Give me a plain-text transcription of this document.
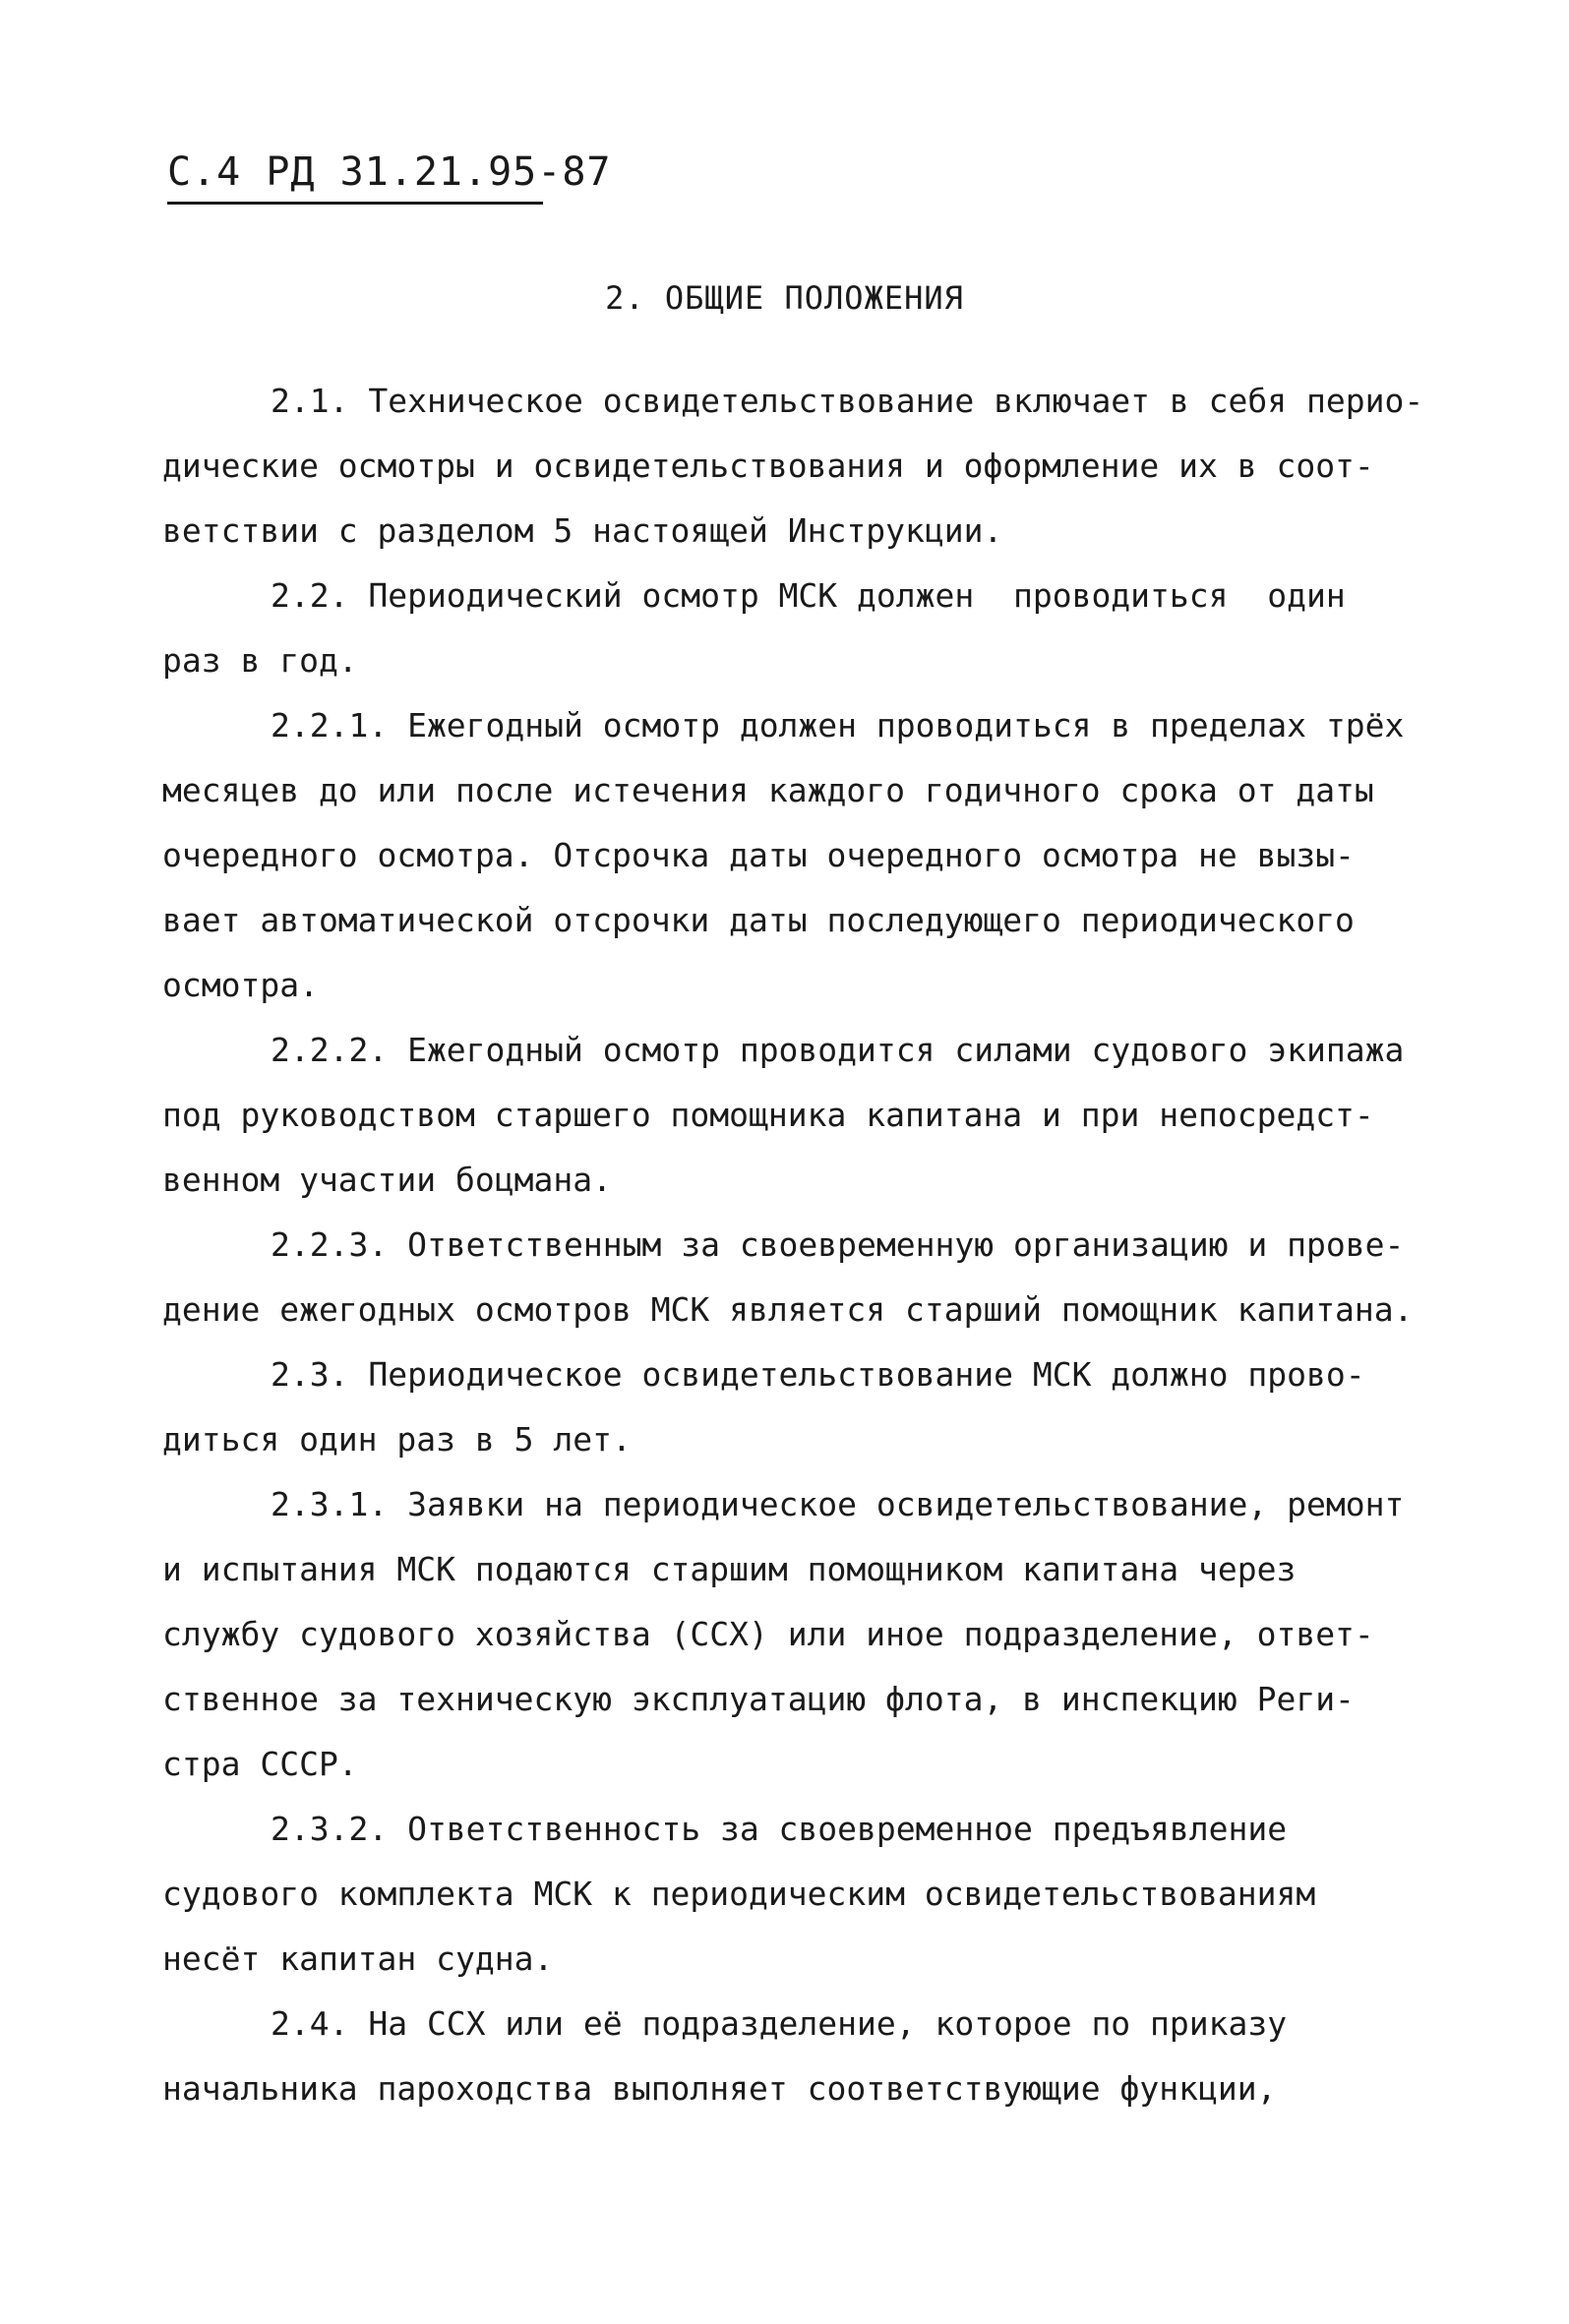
С.4 РД 31.21.95-87
2. ОБЩИЕ ПОЛОЖЕНИЯ
2.1. Техническое освидетельствование включает в себя перио-
дические осмотры и освидетельствования и оформление их в соот-
ветствии с разделом 5 настоящей Инструкции.
2.2. Периодический осмотр МСК должен  проводиться  один
раз в год.
2.2.1. Ежегодный осмотр должен проводиться в пределах трёх
месяцев до или после истечения каждого годичного срока от даты
очередного осмотра. Отсрочка даты очередного осмотра не вызы-
вает автоматической отсрочки даты последующего периодического
осмотра.
2.2.2. Ежегодный осмотр проводится силами судового экипажа
под руководством старшего помощника капитана и при непосредст-
венном участии боцмана.
2.2.3. Ответственным за своевременную организацию и прове-
дение ежегодных осмотров МСК является старший помощник капитана.
2.3. Периодическое освидетельствование МСК должно прово-
диться один раз в 5 лет.
2.3.1. Заявки на периодическое освидетельствование, ремонт
и испытания МСК подаются старшим помощником капитана через
службу судового хозяйства (ССХ) или иное подразделение, ответ-
ственное за техническую эксплуатацию флота, в инспекцию Реги-
стра СССР.
2.3.2. Ответственность за своевременное предъявление
судового комплекта МСК к периодическим освидетельствованиям
несёт капитан судна.
2.4. На ССХ или её подразделение, которое по приказу
начальника пароходства выполняет соответствующие функции,
